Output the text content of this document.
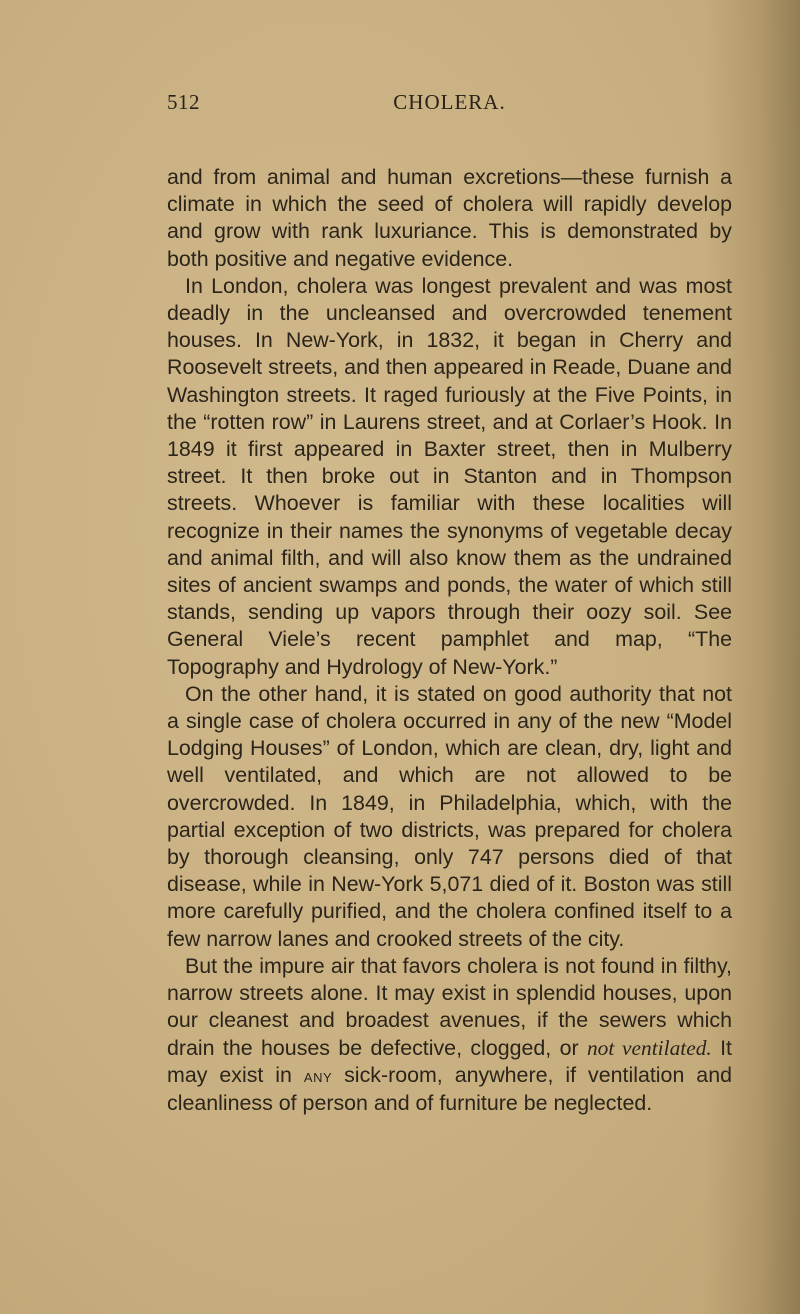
512	CHOLERA.

and from animal and human excretions—these furnish a climate in which the seed of cholera will rapidly develop and grow with rank luxuriance. This is demonstrated by both positive and negative evidence.

In London, cholera was longest prevalent and was most deadly in the uncleansed and overcrowded tenement houses. In New-York, in 1832, it began in Cherry and Roosevelt streets, and then appeared in Reade, Duane and Washington streets. It raged furiously at the Five Points, in the “rotten row” in Laurens street, and at Corlaer’s Hook. In 1849 it first appeared in Baxter street, then in Mulberry street. It then broke out in Stanton and in Thompson streets. Whoever is familiar with these localities will recognize in their names the synonyms of vegetable decay and animal filth, and will also know them as the undrained sites of ancient swamps and ponds, the water of which still stands, sending up vapors through their oozy soil. See General Viele’s recent pamphlet and map, “The Topography and Hydrology of New-York.”

On the other hand, it is stated on good authority that not a single case of cholera occurred in any of the new “Model Lodging Houses” of London, which are clean, dry, light and well ventilated, and which are not allowed to be overcrowded. In 1849, in Philadelphia, which, with the partial exception of two districts, was prepared for cholera by thorough cleansing, only 747 persons died of that disease, while in New-York 5,071 died of it. Boston was still more carefully purified, and the cholera confined itself to a few narrow lanes and crooked streets of the city.

But the impure air that favors cholera is not found in filthy, narrow streets alone. It may exist in splendid houses, upon our cleanest and broadest avenues, if the sewers which drain the houses be defective, clogged, or not ventilated. It may exist in any sick-room, anywhere, if ventilation and cleanliness of person and of furniture be neglected.
